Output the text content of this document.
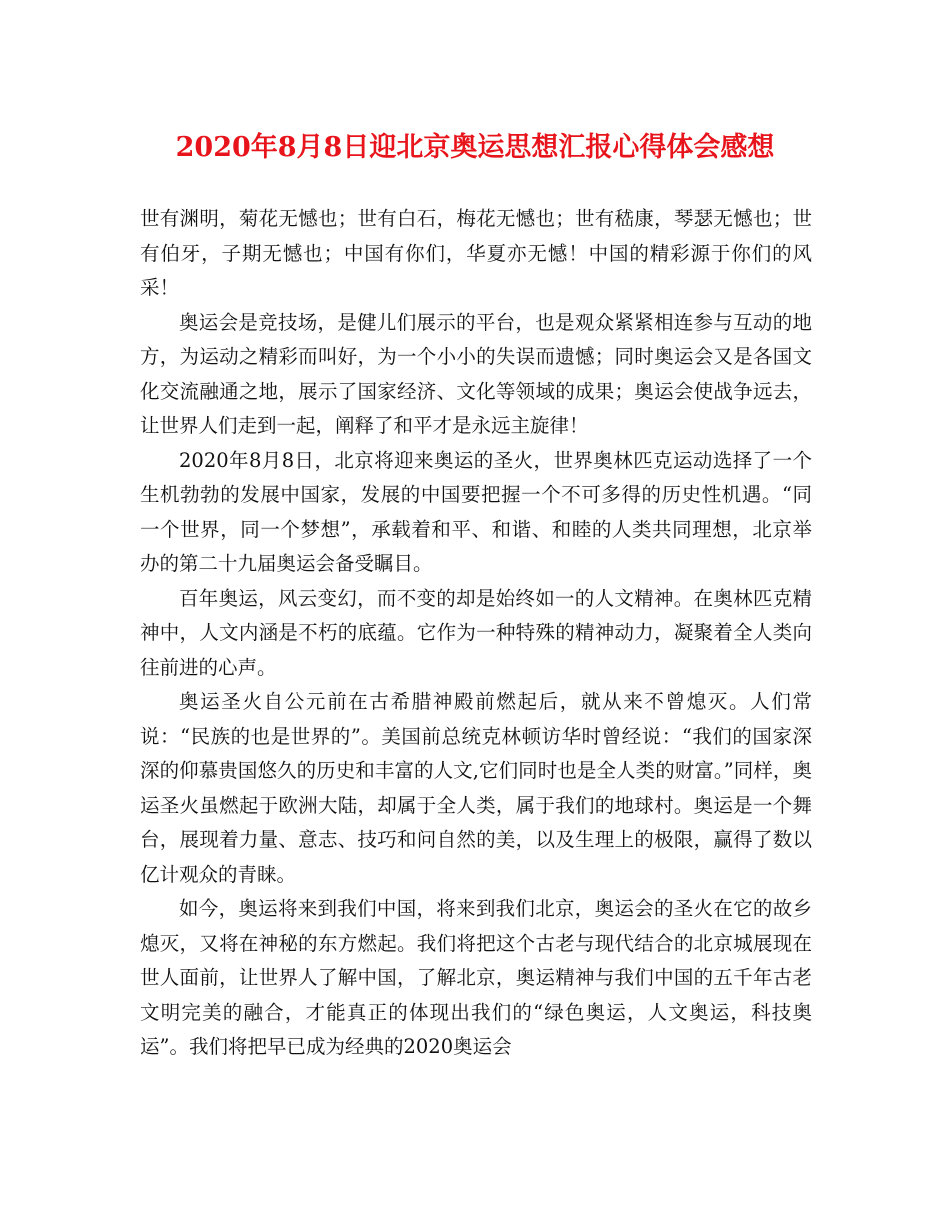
2020年8月8日迎北京奥运思想汇报心得体会感想

世有渊明，菊花无憾也；世有白石，梅花无憾也；世有嵇康，琴瑟无憾也；世有伯牙，子期无憾也；中国有你们，华夏亦无憾！中国的精彩源于你们的风采！

奥运会是竞技场，是健儿们展示的平台，也是观众紧紧相连参与互动的地方，为运动之精彩而叫好，为一个小小的失误而遗憾；同时奥运会又是各国文化交流融通之地，展示了国家经济、文化等领域的成果；奥运会使战争远去，让世界人们走到一起，阐释了和平才是永远主旋律！

2020年8月8日，北京将迎来奥运的圣火，世界奥林匹克运动选择了一个生机勃勃的发展中国家，发展的中国要把握一个不可多得的历史性机遇。“同一个世界，同一个梦想”，承载着和平、和谐、和睦的人类共同理想，北京举办的第二十九届奥运会备受瞩目。

百年奥运，风云变幻，而不变的却是始终如一的人文精神。在奥林匹克精神中，人文内涵是不朽的底蕴。它作为一种特殊的精神动力，凝聚着全人类向往前进的心声。

奥运圣火自公元前在古希腊神殿前燃起后，就从来不曾熄灭。人们常说：“民族的也是世界的”。美国前总统克林顿访华时曾经说：“我们的国家深深的仰慕贵国悠久的历史和丰富的人文,它们同时也是全人类的财富。”同样，奥运圣火虽燃起于欧洲大陆，却属于全人类，属于我们的地球村。奥运是一个舞台，展现着力量、意志、技巧和问自然的美，以及生理上的极限，赢得了数以亿计观众的青睐。

如今，奥运将来到我们中国，将来到我们北京，奥运会的圣火在它的故乡熄灭，又将在神秘的东方燃起。我们将把这个古老与现代结合的北京城展现在世人面前，让世界人了解中国，了解北京，奥运精神与我们中国的五千年古老文明完美的融合，才能真正的体现出我们的“绿色奥运，人文奥运，科技奥运”。我们将把早已成为经典的2020奥运会
